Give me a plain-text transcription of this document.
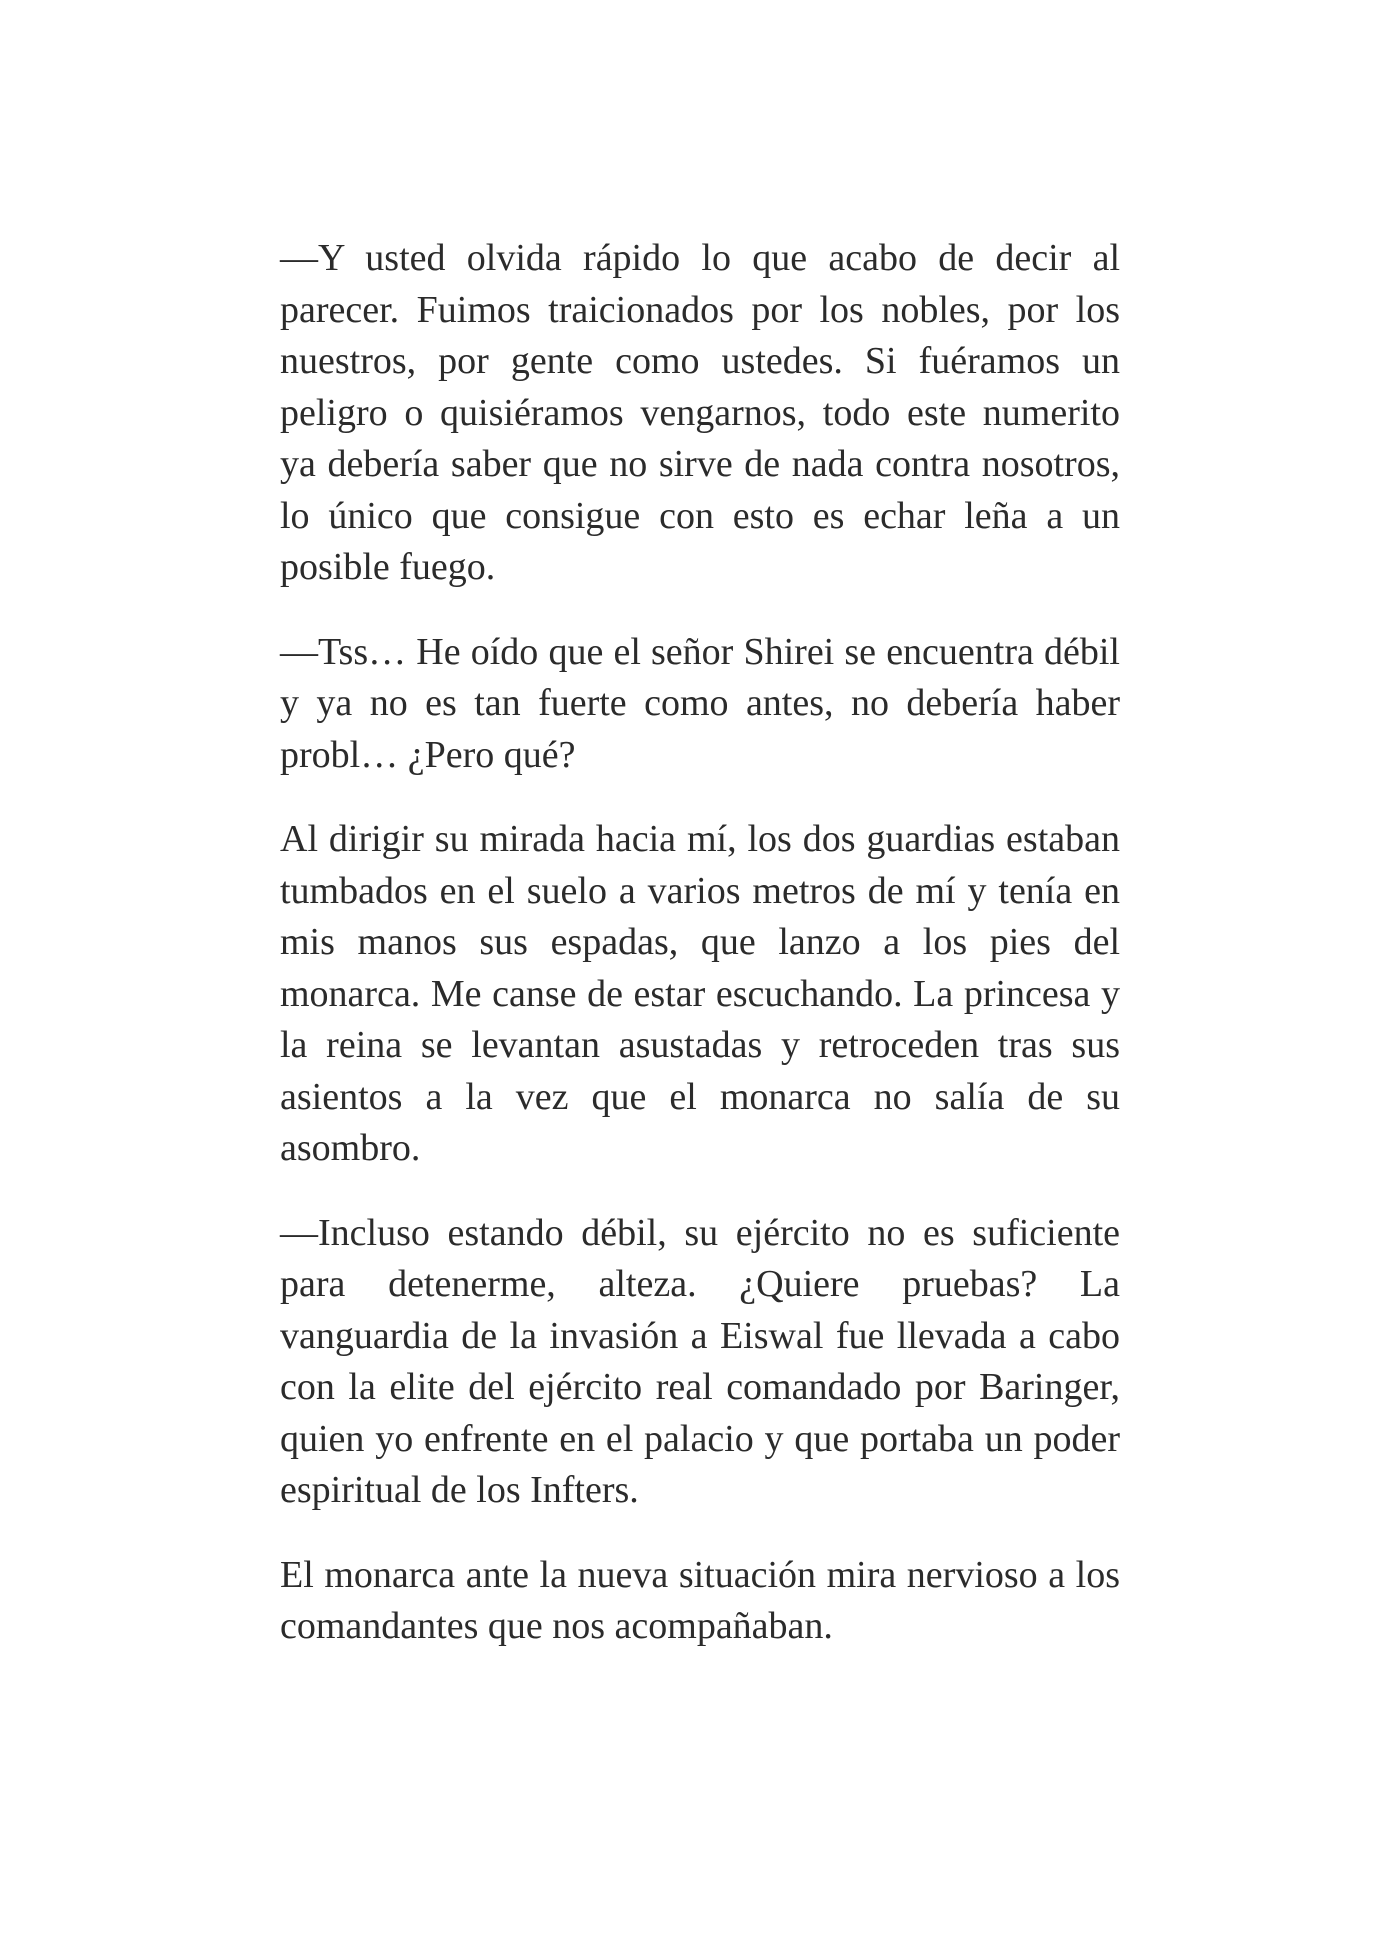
—Y usted olvida rápido lo que acabo de decir al parecer. Fuimos traicionados por los nobles, por los nuestros, por gente como ustedes. Si fuéramos un peligro o quisiéramos vengarnos, todo este numerito ya debería saber que no sirve de nada contra nosotros, lo único que consigue con esto es echar leña a un posible fuego.

—Tss… He oído que el señor Shirei se encuentra débil y ya no es tan fuerte como antes, no debería haber probl… ¿Pero qué?

Al dirigir su mirada hacia mí, los dos guardias estaban tumbados en el suelo a varios metros de mí y tenía en mis manos sus espadas, que lanzo a los pies del monarca. Me canse de estar escuchando. La princesa y la reina se levantan asustadas y retroceden tras sus asientos a la vez que el monarca no salía de su asombro.

—Incluso estando débil, su ejército no es suficiente para detenerme, alteza. ¿Quiere pruebas? La vanguardia de la invasión a Eiswal fue llevada a cabo con la elite del ejército real comandado por Baringer, quien yo enfrente en el palacio y que portaba un poder espiritual de los Infters.

El monarca ante la nueva situación mira nervioso a los comandantes que nos acompañaban.
